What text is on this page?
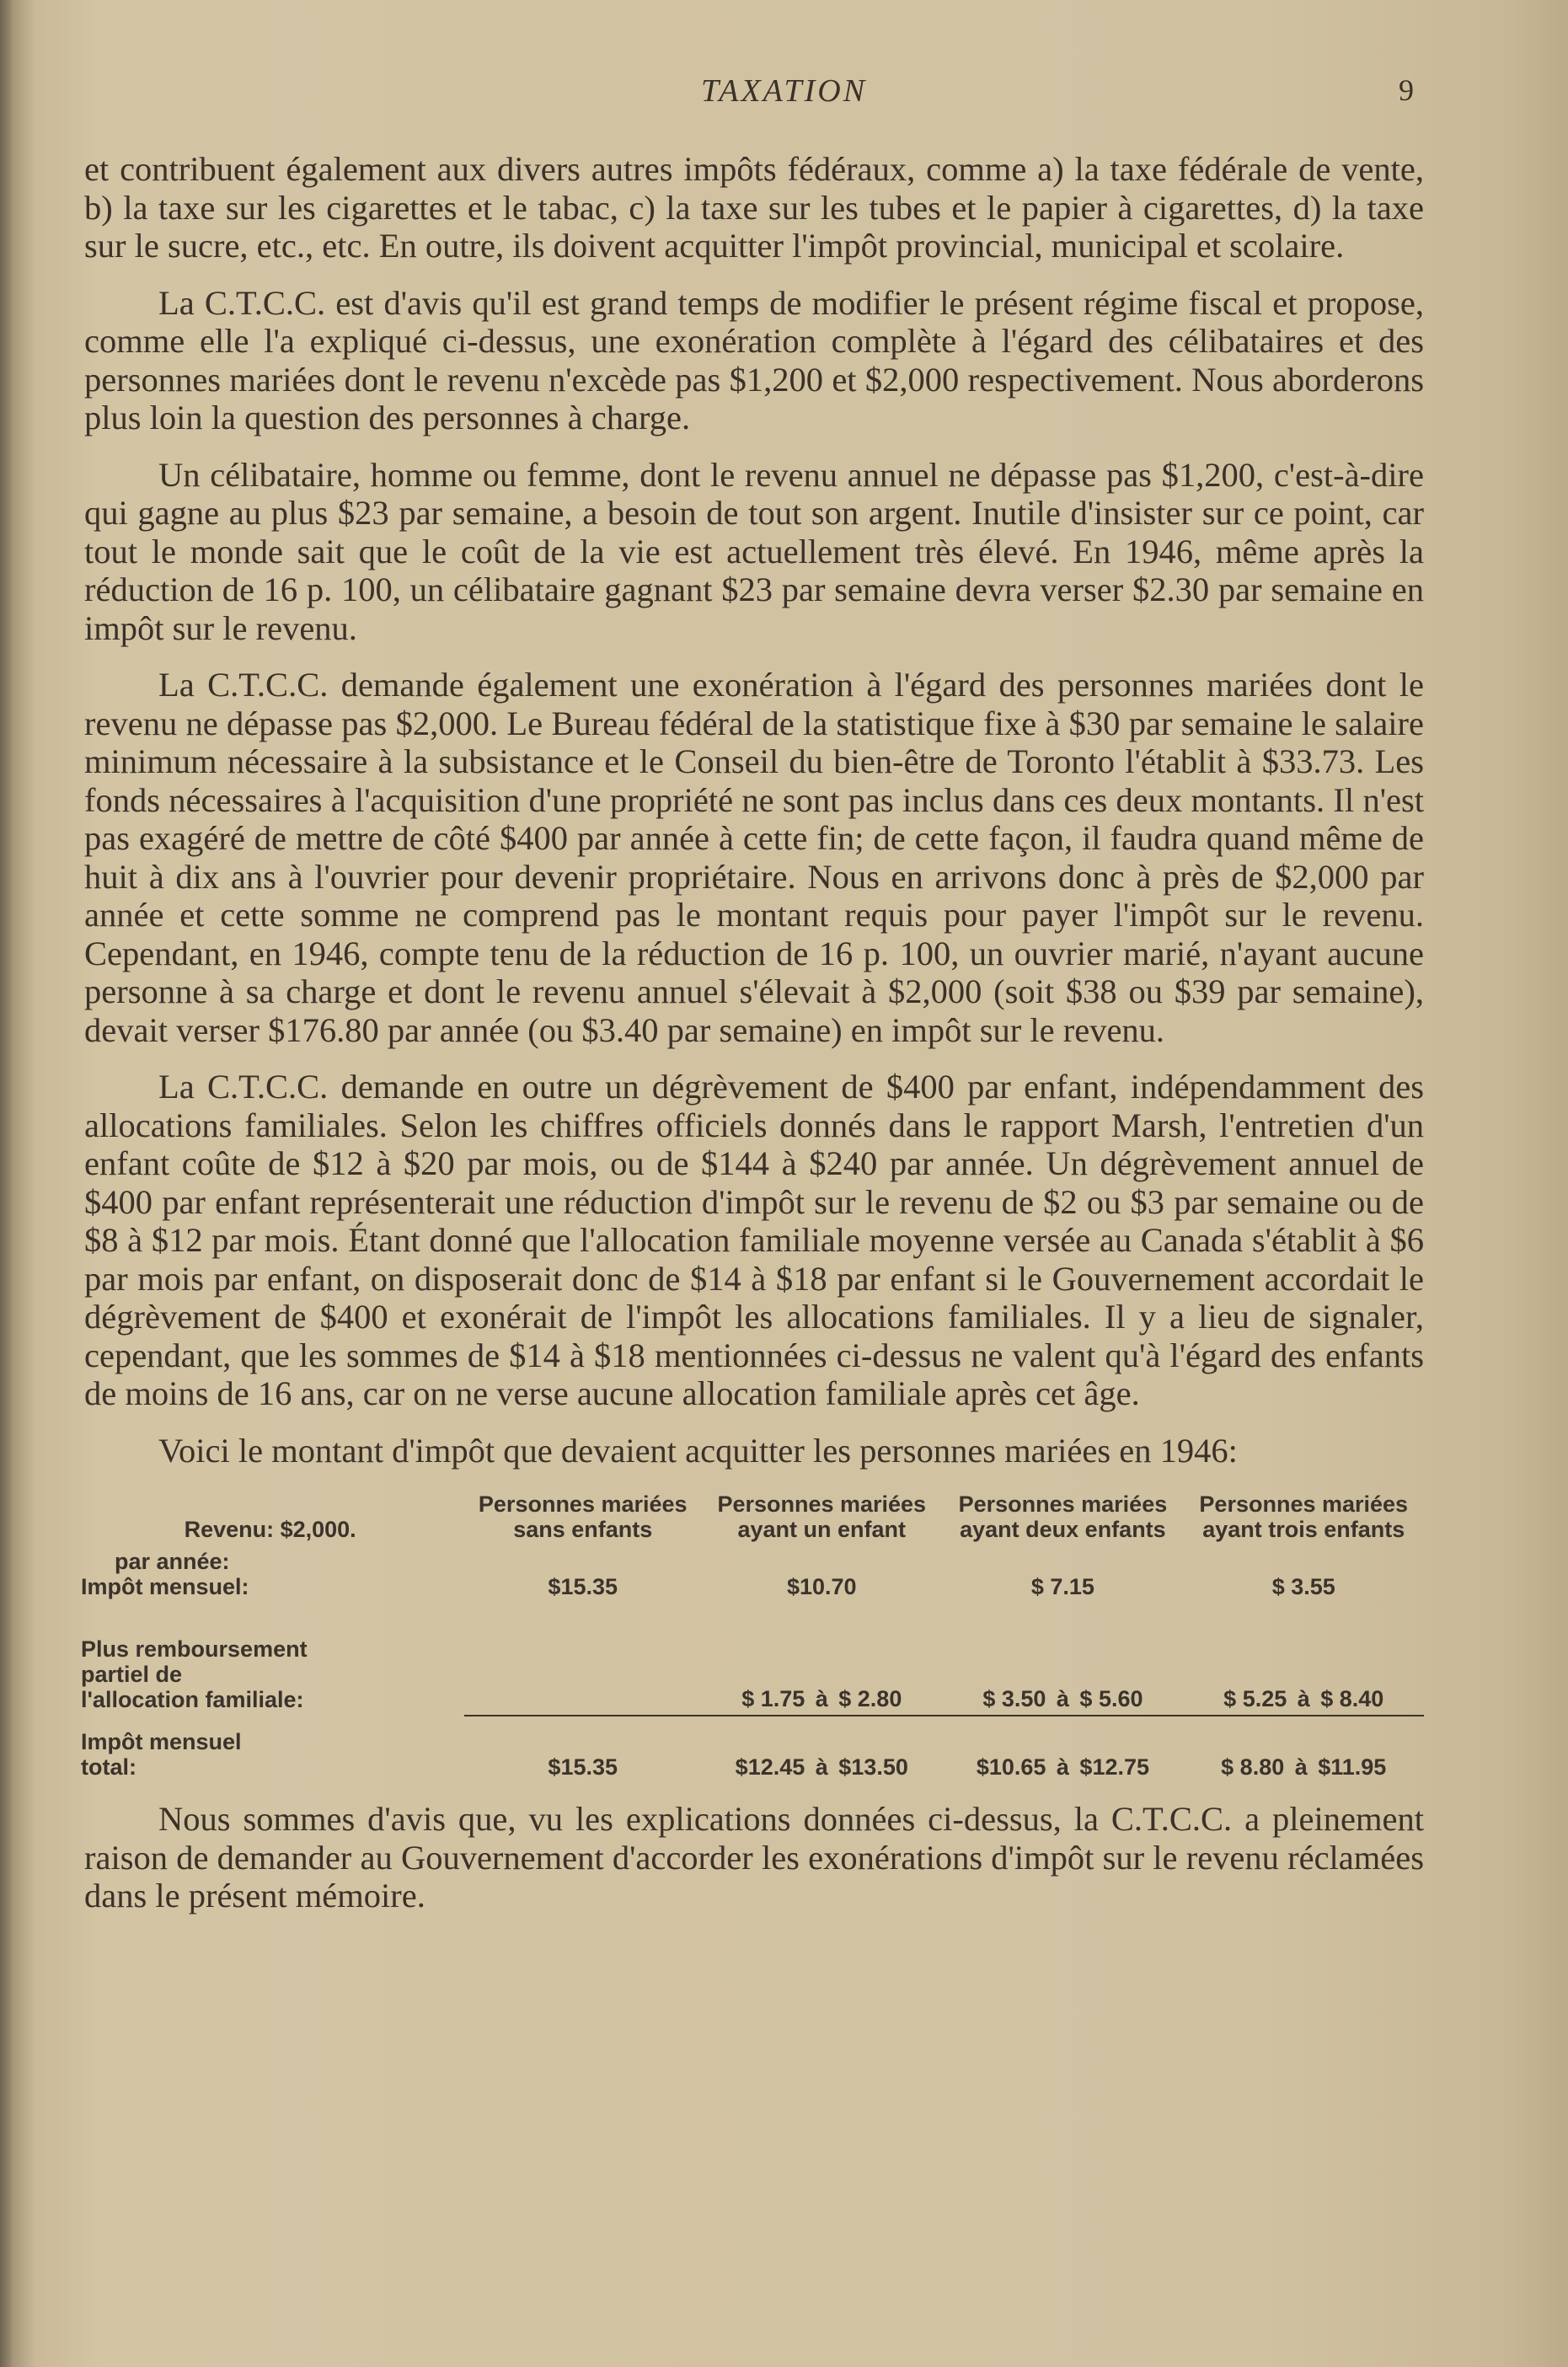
TAXATION	9

et contribuent également aux divers autres impôts fédéraux, comme a) la taxe fédérale de vente, b) la taxe sur les cigarettes et le tabac, c) la taxe sur les tubes et le papier à cigarettes, d) la taxe sur le sucre, etc., etc. En outre, ils doivent acquitter l'impôt provincial, municipal et scolaire.

La C.T.C.C. est d'avis qu'il est grand temps de modifier le présent régime fiscal et propose, comme elle l'a expliqué ci-dessus, une exonération complète à l'égard des célibataires et des personnes mariées dont le revenu n'excède pas $1,200 et $2,000 respectivement. Nous aborderons plus loin la question des personnes à charge.

Un célibataire, homme ou femme, dont le revenu annuel ne dépasse pas $1,200, c'est-à-dire qui gagne au plus $23 par semaine, a besoin de tout son argent. Inutile d'insister sur ce point, car tout le monde sait que le coût de la vie est actuellement très élevé. En 1946, même après la réduction de 16 p. 100, un célibataire gagnant $23 par semaine devra verser $2.30 par semaine en impôt sur le revenu.

La C.T.C.C. demande également une exonération à l'égard des personnes mariées dont le revenu ne dépasse pas $2,000. Le Bureau fédéral de la statistique fixe à $30 par semaine le salaire minimum nécessaire à la subsistance et le Conseil du bien-être de Toronto l'établit à $33.73. Les fonds nécessaires à l'acquisition d'une propriété ne sont pas inclus dans ces deux montants. Il n'est pas exagéré de mettre de côté $400 par année à cette fin; de cette façon, il faudra quand même de huit à dix ans à l'ouvrier pour devenir propriétaire. Nous en arrivons donc à près de $2,000 par année et cette somme ne comprend pas le montant requis pour payer l'impôt sur le revenu. Cependant, en 1946, compte tenu de la réduction de 16 p. 100, un ouvrier marié, n'ayant aucune personne à sa charge et dont le revenu annuel s'élevait à $2,000 (soit $38 ou $39 par semaine), devait verser $176.80 par année (ou $3.40 par semaine) en impôt sur le revenu.

La C.T.C.C. demande en outre un dégrèvement de $400 par enfant, indépendamment des allocations familiales. Selon les chiffres officiels donnés dans le rapport Marsh, l'entretien d'un enfant coûte de $12 à $20 par mois, ou de $144 à $240 par année. Un dégrèvement annuel de $400 par enfant représenterait une réduction d'impôt sur le revenu de $2 ou $3 par semaine ou de $8 à $12 par mois. Étant donné que l'allocation familiale moyenne versée au Canada s'établit à $6 par mois par enfant, on disposerait donc de $14 à $18 par enfant si le Gouvernement accordait le dégrèvement de $400 et exonérait de l'impôt les allocations familiales. Il y a lieu de signaler, cependant, que les sommes de $14 à $18 mentionnées ci-dessus ne valent qu'à l'égard des enfants de moins de 16 ans, car on ne verse aucune allocation familiale après cet âge.

Voici le montant d'impôt que devaient acquitter les personnes mariées en 1946:

Revenu: $2,000.	Personnes mariées sans enfants	Personnes mariées ayant un enfant	Personnes mariées ayant deux enfants	Personnes mariées ayant trois enfants

par année:
Impôt mensuel:	$15.35	$10.70	$ 7.15	$ 3.55

Plus remboursement
partiel de
l'allocation familiale:		$ 1.75 à $ 2.80	$ 3.50 à $ 5.60	$ 5.25 à $ 8.40

Impôt mensuel
total:	$15.35	$12.45 à $13.50	$10.65 à $12.75	$ 8.80 à $11.95

Nous sommes d'avis que, vu les explications données ci-dessus, la C.T.C.C. a pleinement raison de demander au Gouvernement d'accorder les exonérations d'impôt sur le revenu réclamées dans le présent mémoire.
